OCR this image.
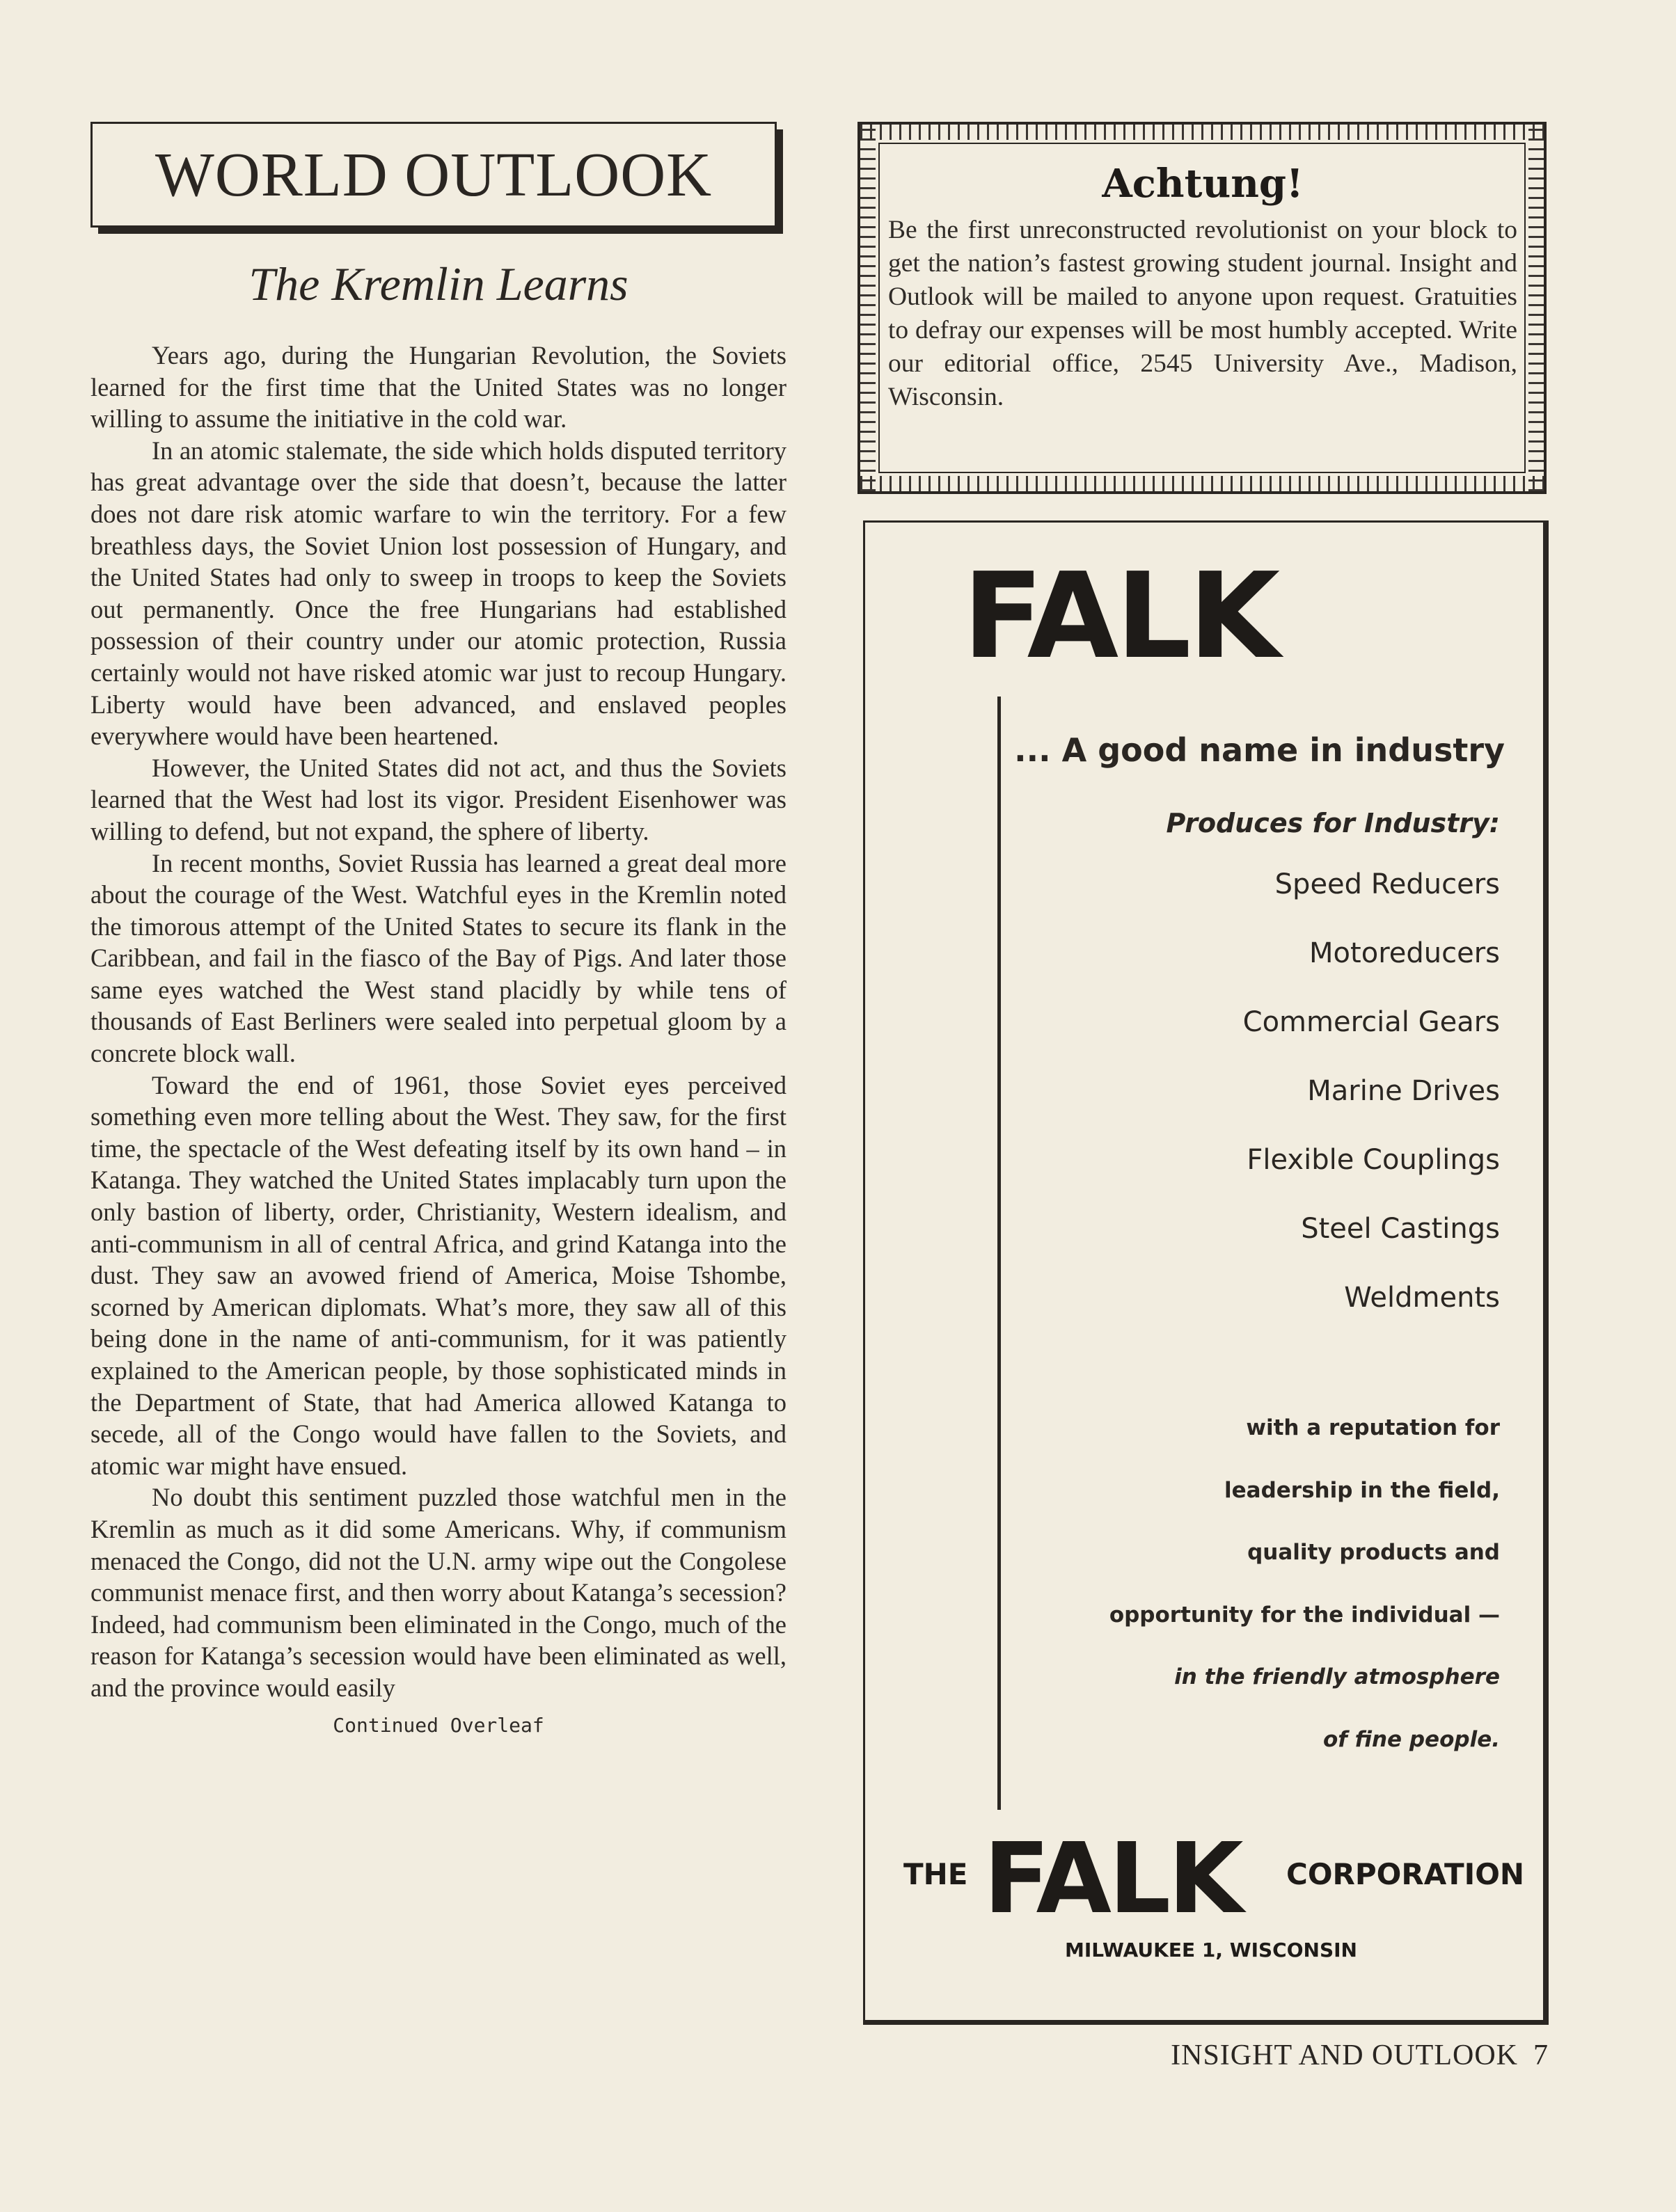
WORLD OUTLOOK
The Kremlin Learns

Years ago, during the Hungarian Revolution, the Soviets learned for the first time that the United States was no longer willing to assume the initiative in the cold war.

In an atomic stalemate, the side which holds disputed territory has great advantage over the side that doesn’t, because the latter does not dare risk atomic warfare to win the territory. For a few breathless days, the Soviet Union lost possession of Hungary, and the United States had only to sweep in troops to keep the Soviets out permanently. Once the free Hungarians had established possession of their country under our atomic protection, Russia certainly would not have risked atomic war just to recoup Hungary. Liberty would have been advanced, and enslaved peoples everywhere would have been heartened.

However, the United States did not act, and thus the Soviets learned that the West had lost its vigor. President Eisenhower was willing to defend, but not expand, the sphere of liberty.

In recent months, Soviet Russia has learned a great deal more about the courage of the West. Watchful eyes in the Kremlin noted the timorous attempt of the United States to secure its flank in the Caribbean, and fail in the fiasco of the Bay of Pigs. And later those same eyes watched the West stand placidly by while tens of thousands of East Berliners were sealed into perpetual gloom by a concrete block wall.

Toward the end of 1961, those Soviet eyes perceived something even more telling about the West. They saw, for the first time, the spectacle of the West defeating itself by its own hand – in Katanga. They watched the United States implacably turn upon the only bastion of liberty, order, Christianity, Western idealism, and anti-communism in all of central Africa, and grind Katanga into the dust. They saw an avowed friend of America, Moise Tshombe, scorned by American diplomats. What’s more, they saw all of this being done in the name of anti-communism, for it was patiently explained to the American people, by those sophisticated minds in the Department of State, that had America allowed Katanga to secede, all of the Congo would have fallen to the Soviets, and atomic war might have ensued.

No doubt this sentiment puzzled those watchful men in the Kremlin as much as it did some Americans. Why, if communism menaced the Congo, did not the U.N. army wipe out the Congolese communist menace first, and then worry about Katanga’s secession? Indeed, had communism been eliminated in the Congo, much of the reason for Katanga’s secession would have been eliminated as well, and the province would easily

Continued Overleaf
Achtung!

Be the first unreconstructed revolutionist on your block to get the nation’s fastest growing student journal. Insight and Outlook will be mailed to anyone upon request. Gratuities to defray our expenses will be most humbly accepted. Write our editorial office, 2545 University Ave., Madison, Wisconsin.

FALK
... A good name in industry
Produces for Industry:
Speed Reducers
Motoreducers
Commercial Gears
Marine Drives
Flexible Couplings
Steel Castings
Weldments
with a reputation for
leadership in the field,
quality products and
opportunity for the individual —
in the friendly atmosphere
of fine people.
THE FALK CORPORATION
MILWAUKEE 1, WISCONSIN
INSIGHT AND OUTLOOK 7
